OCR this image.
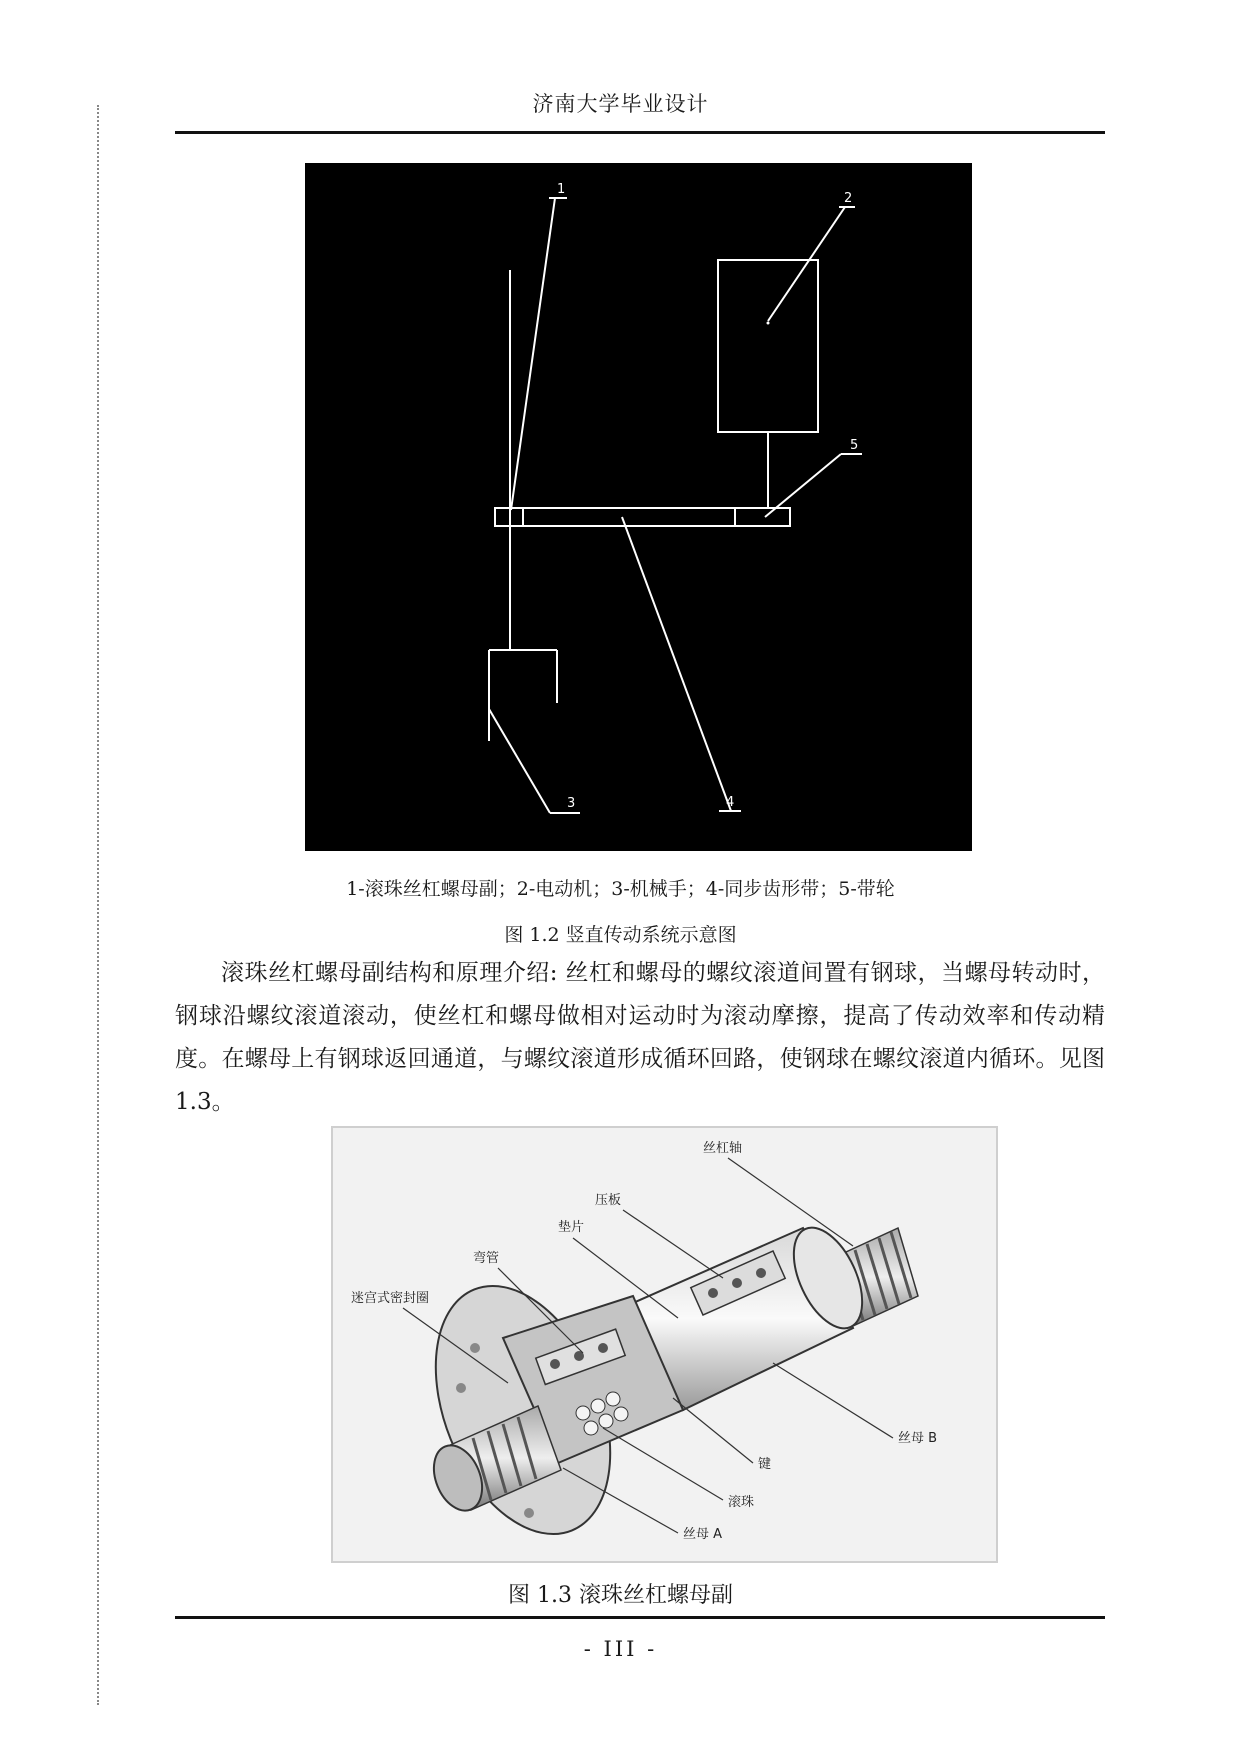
济南大学毕业设计
1
2
3	4
5
1-滚珠丝杠螺母副；2-电动机；3-机械手；4-同步齿形带；5-带轮
图 1.2 竖直传动系统示意图
滚珠丝杠螺母副结构和原理介绍: 丝杠和螺母的螺纹滚道间置有钢球，当螺母转动时，钢球沿螺纹滚道滚动，使丝杠和螺母做相对运动时为滚动摩擦，提高了传动效率和传动精度。在螺母上有钢球返回通道，与螺纹滚道形成循环回路，使钢球在螺纹滚道内循环。见图 1.3。
丝杠轴
压板
垫片
弯管
迷宫式密封圈
丝母 B
键
滚珠
丝母 A
图 1.3 滚珠丝杠螺母副
- III -
